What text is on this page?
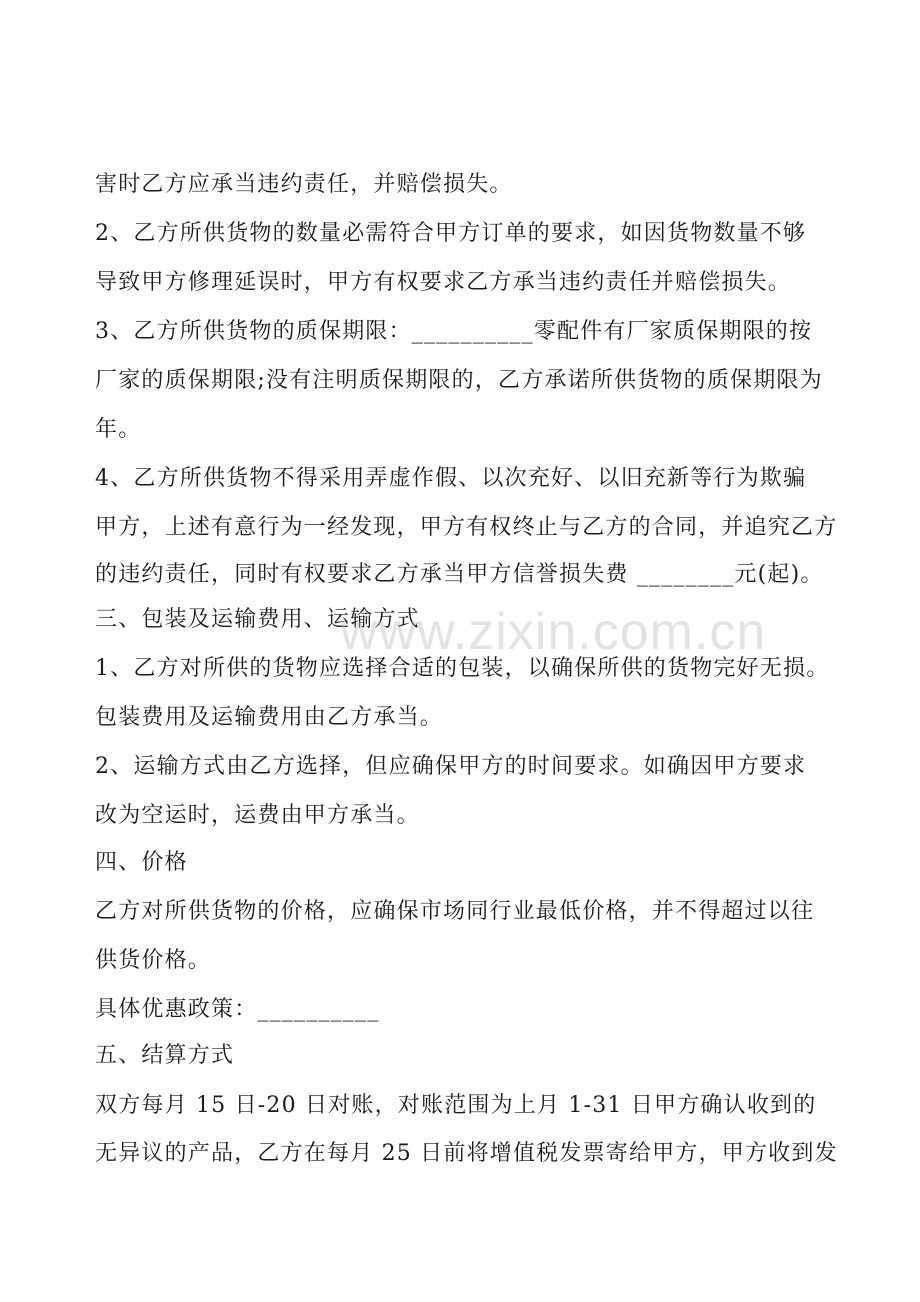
害时乙方应承当违约责任，并赔偿损失。
2、乙方所供货物的数量必需符合甲方订单的要求，如因货物数量不够
导致甲方修理延误时，甲方有权要求乙方承当违约责任并赔偿损失。
3、乙方所供货物的质保期限：__________零配件有厂家质保期限的按
厂家的质保期限;没有注明质保期限的，乙方承诺所供货物的质保期限为
年。
4、乙方所供货物不得采用弄虚作假、以次充好、以旧充新等行为欺骗
甲方，上述有意行为一经发现，甲方有权终止与乙方的合同，并追究乙方
的违约责任，同时有权要求乙方承当甲方信誉损失费 ________元(起)。
三、包装及运输费用、运输方式
1、乙方对所供的货物应选择合适的包装，以确保所供的货物完好无损。
包装费用及运输费用由乙方承当。
2、运输方式由乙方选择，但应确保甲方的时间要求。如确因甲方要求
改为空运时，运费由甲方承当。
四、价格
乙方对所供货物的价格，应确保市场同行业最低价格，并不得超过以往
供货价格。
具体优惠政策：__________
五、结算方式
双方每月 15 日-20 日对账，对账范围为上月 1-31 日甲方确认收到的
无异议的产品，乙方在每月 25 日前将增值税发票寄给甲方，甲方收到发
www.zixin.com.cn
